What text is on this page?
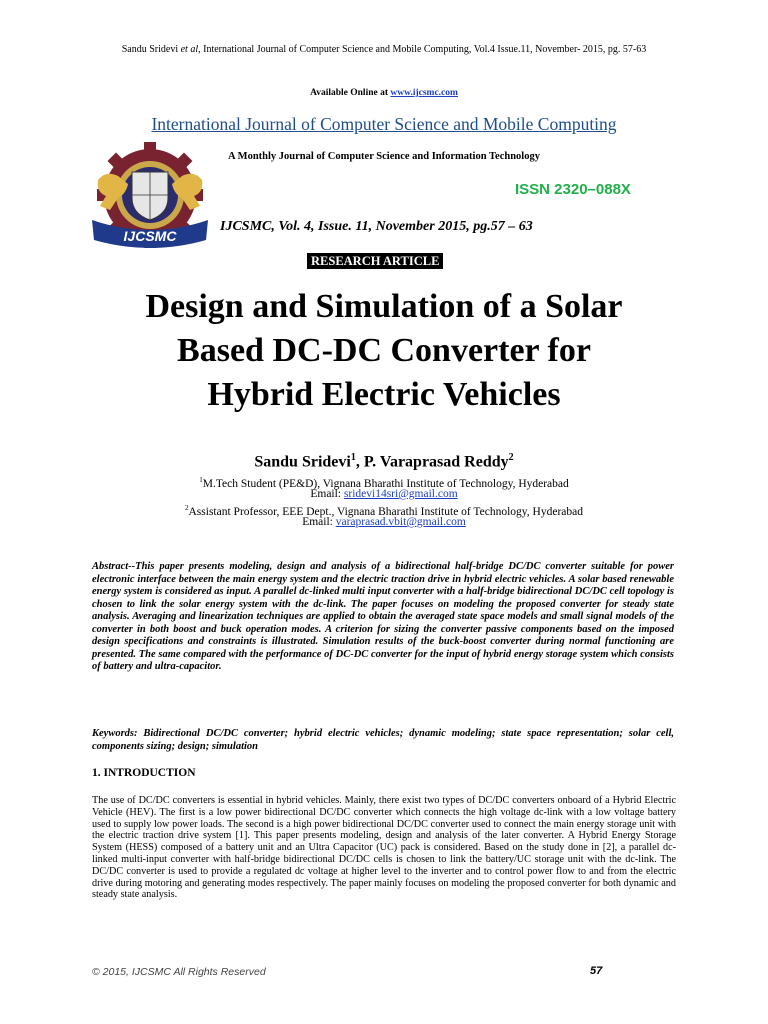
Sandu Sridevi et al, International Journal of Computer Science and Mobile Computing, Vol.4 Issue.11, November- 2015, pg. 57-63
Available Online at www.ijcsmc.com
International Journal of Computer Science and Mobile Computing
A Monthly Journal of Computer Science and Information Technology
IJCSMC
ISSN 2320–088X
IJCSMC, Vol. 4, Issue. 11, November 2015, pg.57 – 63
RESEARCH ARTICLE
Design and Simulation of a Solar
Based DC-DC Converter for
Hybrid Electric Vehicles
Sandu Sridevi$^1$, P. Varaprasad Reddy$^2$
$^1$M.Tech Student (PE&D), Vignana Bharathi Institute of Technology, Hyderabad
Email: sridevi14sri@gmail.com
$^2$Assistant Professor, EEE Dept., Vignana Bharathi Institute of Technology, Hyderabad
Email: varaprasad.vbit@gmail.com
Abstract--This paper presents modeling, design and analysis of a bidirectional half-bridge DC/DC converter suitable for power electronic interface between the main energy system and the electric traction drive in hybrid electric vehicles. A solar based renewable energy system is considered as input. A parallel dc-linked multi input converter with a half-bridge bidirectional DC/DC cell topology is chosen to link the solar energy system with the dc-link. The paper focuses on modeling the proposed converter for steady state analysis. Averaging and linearization techniques are applied to obtain the averaged state space models and small signal models of the converter in both boost and buck operation modes. A criterion for sizing the converter passive components based on the imposed design specifications and constraints is illustrated. Simulation results of the buck-boost converter during normal functioning are presented. The same compared with the performance of DC-DC converter for the input of hybrid energy storage system which consists of battery and ultra-capacitor.
Keywords: Bidirectional DC/DC converter; hybrid electric vehicles; dynamic modeling; state space representation; solar cell, components sizing; design; simulation
1. INTRODUCTION
The use of DC/DC converters is essential in hybrid vehicles. Mainly, there exist two types of DC/DC converters onboard of a Hybrid Electric Vehicle (HEV). The first is a low power bidirectional DC/DC converter which connects the high voltage dc-link with a low voltage battery used to supply low power loads. The second is a high power bidirectional DC/DC converter used to connect the main energy storage unit with the electric traction drive system [1]. This paper presents modeling, design and analysis of the later converter. A Hybrid Energy Storage System (HESS) composed of a battery unit and an Ultra Capacitor (UC) pack is considered. Based on the study done in [2], a parallel dc-linked multi-input converter with half-bridge bidirectional DC/DC cells is chosen to link the battery/UC storage unit with the dc-link. The DC/DC converter is used to provide a regulated dc voltage at higher level to the inverter and to control power flow to and from the electric drive during motoring and generating modes respectively. The paper mainly focuses on modeling the proposed converter for both dynamic and steady state analysis.
© 2015, IJCSMC All Rights Reserved	57
